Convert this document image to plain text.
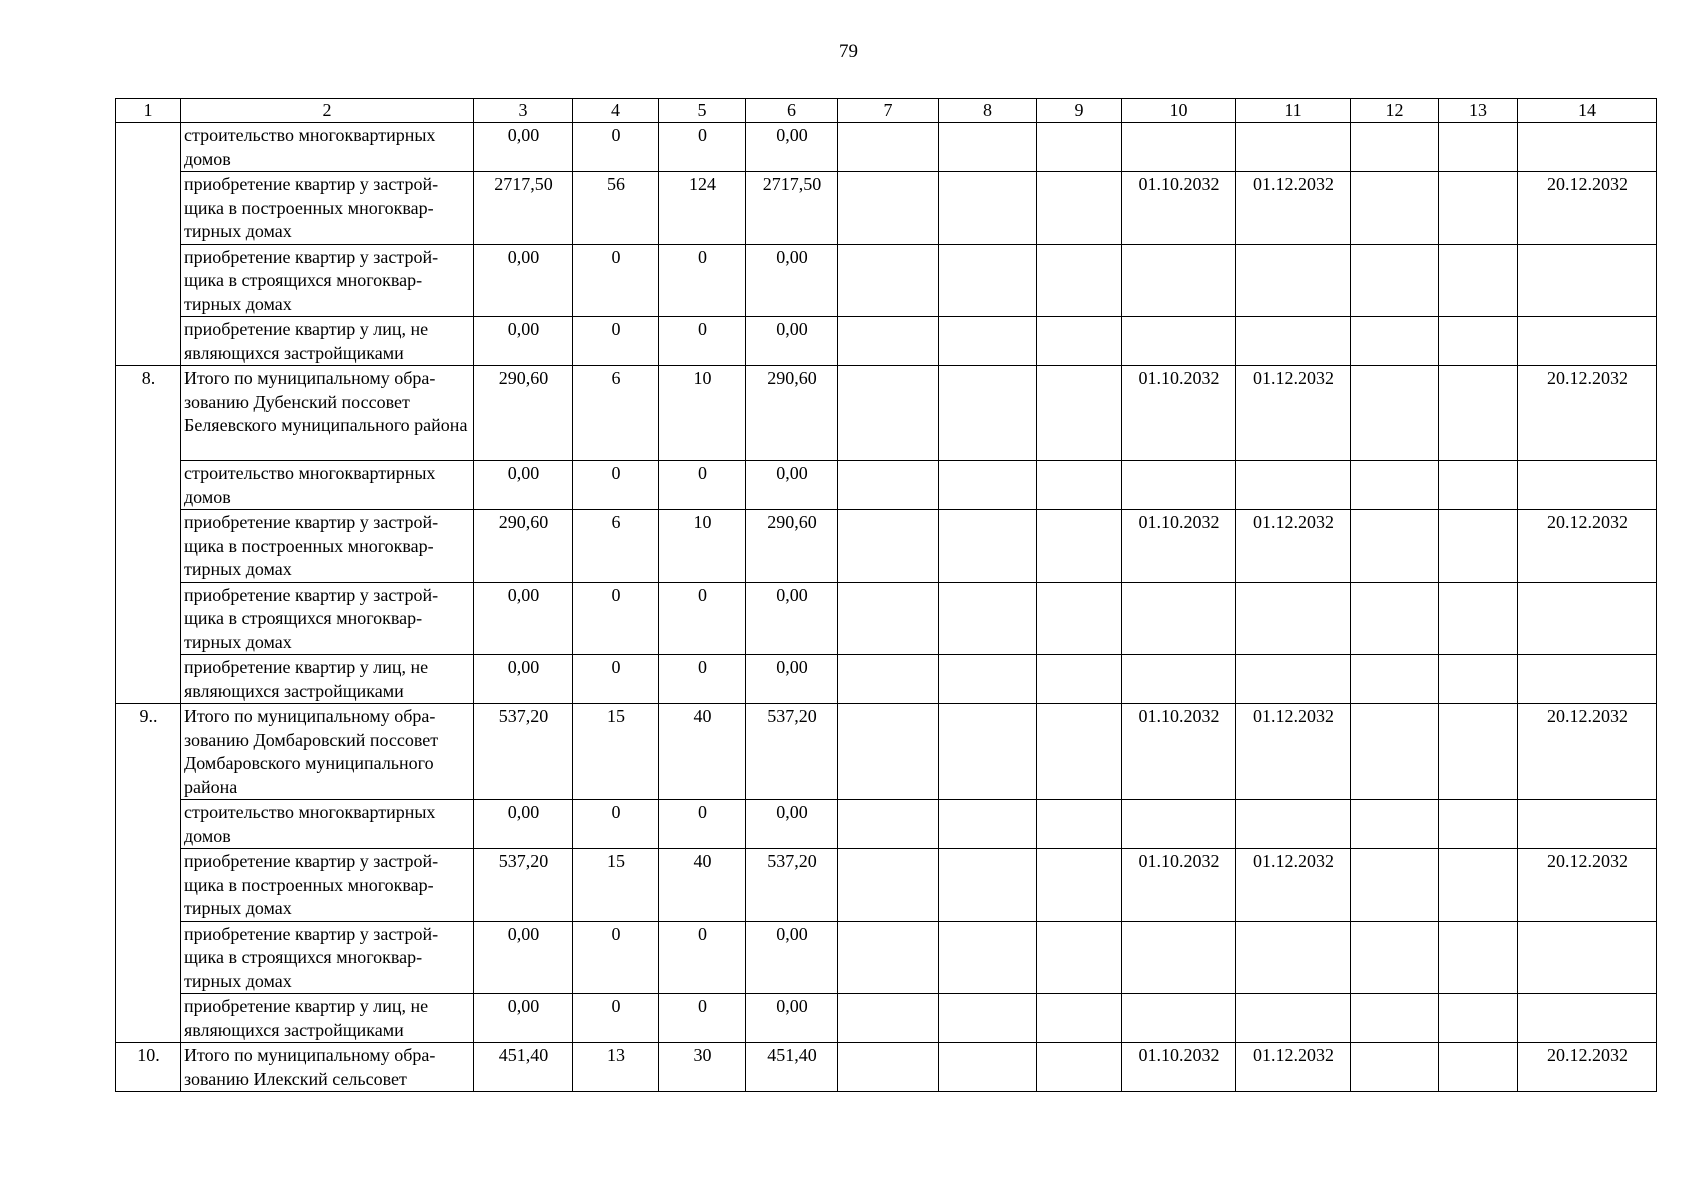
79
1	2	3	4	5	6	7	8	9	10	11	12	13	14
	строительство многоквартирных домов	0,00	0	0	0,00								
	приобретение квартир у застрой-щика в построенных многоквар-тирных домах	2717,50	56	124	2717,50				01.10.2032	01.12.2032			20.12.2032
	приобретение квартир у застрой-щика в строящихся многоквар-тирных домах	0,00	0	0	0,00								
	приобретение квартир у лиц, не являющихся застройщиками	0,00	0	0	0,00								
8.	Итого по муниципальному обра-зованию Дубенский поссовет Беляевского муниципального района	290,60	6	10	290,60				01.10.2032	01.12.2032			20.12.2032
	строительство многоквартирных домов	0,00	0	0	0,00								
	приобретение квартир у застрой-щика в построенных многоквар-тирных домах	290,60	6	10	290,60				01.10.2032	01.12.2032			20.12.2032
	приобретение квартир у застрой-щика в строящихся многоквар-тирных домах	0,00	0	0	0,00								
	приобретение квартир у лиц, не являющихся застройщиками	0,00	0	0	0,00								
9..	Итого по муниципальному обра-зованию Домбаровский поссовет Домбаровского муниципального района	537,20	15	40	537,20				01.10.2032	01.12.2032			20.12.2032
	строительство многоквартирных домов	0,00	0	0	0,00								
	приобретение квартир у застрой-щика в построенных многоквар-тирных домах	537,20	15	40	537,20				01.10.2032	01.12.2032			20.12.2032
	приобретение квартир у застрой-щика в строящихся многоквар-тирных домах	0,00	0	0	0,00								
	приобретение квартир у лиц, не являющихся застройщиками	0,00	0	0	0,00								
10.	Итого по муниципальному обра-зованию Илекский сельсовет	451,40	13	30	451,40				01.10.2032	01.12.2032			20.12.2032
